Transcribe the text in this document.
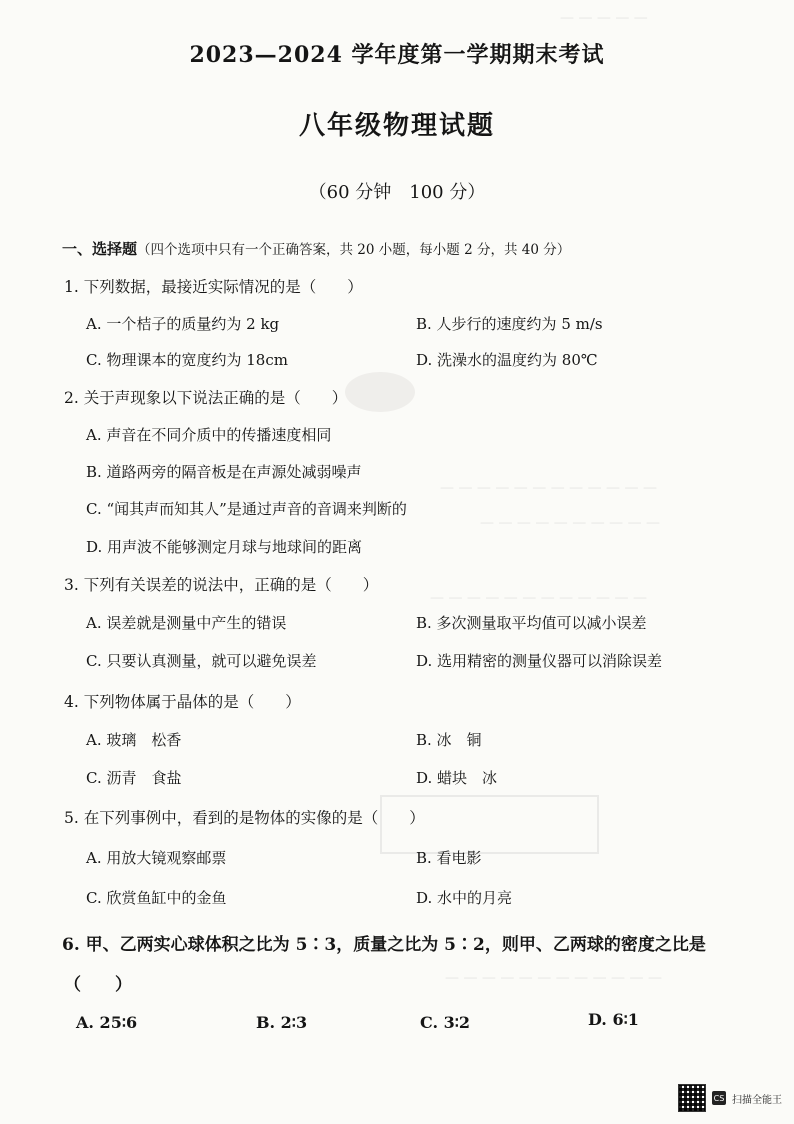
— — — — —
— — — — — — — — — — — —
— — — — — — — — — —
— — — — — — — — — — — —
— — — — — — — — — — — —
2023—2024 学年度第一学期期末考试
八年级物理试题
（60 分钟　100 分）
一、选择题（四个选项中只有一个正确答案，共 20 小题，每小题 2 分，共 40 分）
1. 下列数据，最接近实际情况的是（　　）
A. 一个桔子的质量约为 2 kg	B. 人步行的速度约为 5 m/s
C. 物理课本的宽度约为 18cm	D. 洗澡水的温度约为 80℃
2. 关于声现象以下说法正确的是（　　）
A. 声音在不同介质中的传播速度相同
B. 道路两旁的隔音板是在声源处减弱噪声
C. “闻其声而知其人”是通过声音的音调来判断的
D. 用声波不能够测定月球与地球间的距离
3. 下列有关误差的说法中，正确的是（　　）
A. 误差就是测量中产生的错误	B. 多次测量取平均值可以减小误差
C. 只要认真测量，就可以避免误差	D. 选用精密的测量仪器可以消除误差
4. 下列物体属于晶体的是（　　）
A. 玻璃　松香	B. 冰　铜
C. 沥青　食盐	D. 蜡块　冰
5. 在下列事例中，看到的是物体的实像的是（　　）
A. 用放大镜观察邮票	B. 看电影
C. 欣赏鱼缸中的金鱼	D. 水中的月亮
6. 甲、乙两实心球体积之比为 5∶3，质量之比为 5∶2，则甲、乙两球的密度之比是
（　　）
A. 25∶6	B. 2∶3	C. 3∶2	D. 6∶1
CS 扫描全能王
